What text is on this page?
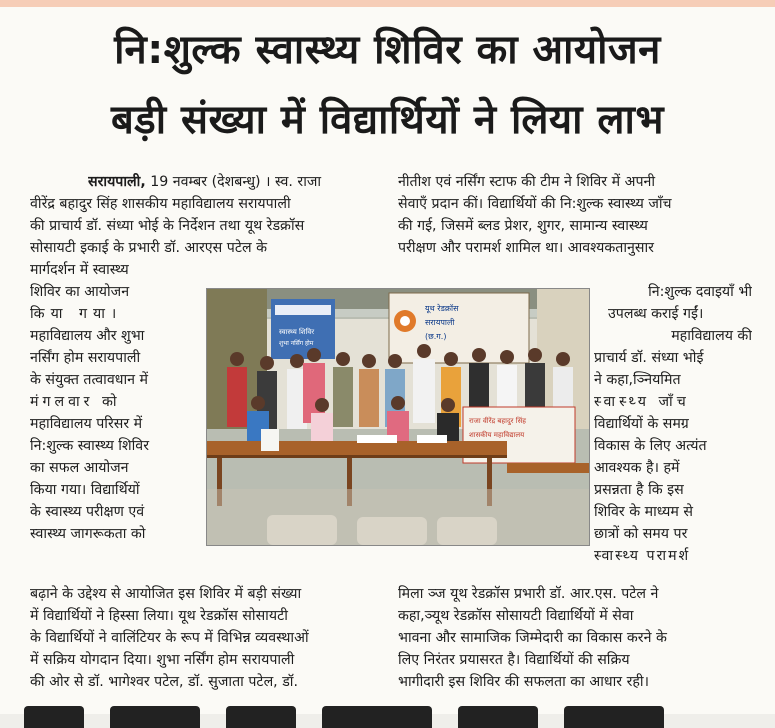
नि:शुल्क स्वास्थ्य शिविर का आयोजन
बड़ी संख्या में विद्यार्थियों ने लिया लाभ
सरायपाली, 19 नवम्बर (देशबन्धु) । स्व. राजा
वीरेंद्र बहादुर सिंह शासकीय महाविद्यालय सरायपाली
की प्राचार्य डॉ. संध्या भोई के निर्देशन तथा यूथ रेडक्रॉस
सोसायटी इकाई के प्रभारी डॉ. आरएस पटेल के
मार्गदर्शन में स्वास्थ्य
शिविर का आयोजन
किया गया।
महाविद्यालय और शुभा
नर्सिंग होम सरायपाली
के संयुक्त तत्वावधान में
मंगलवार को
महाविद्यालय परिसर में
नि:शुल्क स्वास्थ्य शिविर
का सफल आयोजन
किया गया। विद्यार्थियों
के स्वास्थ्य परीक्षण एवं
स्वास्थ्य जागरूकता को
बढ़ाने के उद्देश्य से आयोजित इस शिविर में बड़ी संख्या
में विद्यार्थियों ने हिस्सा लिया। यूथ रेडक्रॉस सोसायटी
के विद्यार्थियों ने वालिंटियर के रूप में विभिन्न व्यवस्थाओं
में सक्रिय योगदान दिया। शुभा नर्सिंग होम सरायपाली
की ओर से डॉ. भागेश्वर पटेल, डॉ. सुजाता पटेल, डॉ.
नीतीश एवं नर्सिंग स्टाफ की टीम ने शिविर में अपनी
सेवाएँ प्रदान कीं। विद्यार्थियों की नि:शुल्क स्वास्थ्य जाँच
की गई, जिसमें ब्लड प्रेशर, शुगर, सामान्य स्वास्थ्य
परीक्षण और परामर्श शामिल था। आवश्यकतानुसार
नि:शुल्क दवाइयाँ भी
उपलब्ध कराई गईं।
महाविद्यालय की
प्राचार्य डॉ. संध्या भोई
ने कहा,ञ्नियमित
स्वास्थ्य जाँच
विद्यार्थियों के समग्र
विकास के लिए अत्यंत
आवश्यक है। हमें
प्रसन्नता है कि इस
शिविर के माध्यम से
छात्रों को समय पर
स्वास्थ्य परामर्श
मिला ञ्ज यूथ रेडक्रॉस प्रभारी डॉ. आर.एस. पटेल ने
कहा,ञ्यूथ रेडक्रॉस सोसायटी विद्यार्थियों में सेवा
भावना और सामाजिक जिम्मेदारी का विकास करने के
लिए निरंतर प्रयासरत है। विद्यार्थियों की सक्रिय
भागीदारी इस शिविर की सफलता का आधार रही।
स्वास्थ्य शिविर
शुभा नर्सिंग होम
यूथ रेडक्रॉस
सरायपाली
(छ.ग.)
राजा वीरेंद्र बहादुर सिंह
शासकीय महाविद्यालय
